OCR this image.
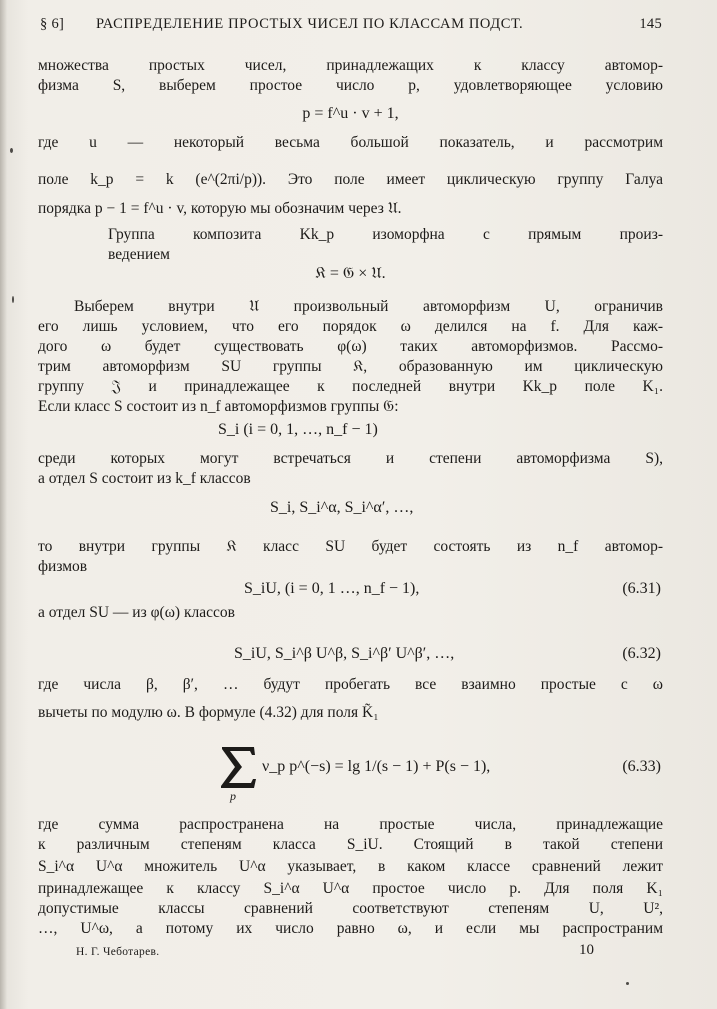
§ 6] РАСПРЕДЕЛЕНИЕ ПРОСТЫХ ЧИСЕЛ ПО КЛАССАМ ПОДСТ.	145
множества простых чисел, принадлежащих к классу автомор-
физма S, выберем простое число p, удовлетворяющее условию
p = f^u · v + 1,
где u — некоторый весьма большой показатель, и рассмотрим
поле k_p = k (e^(2πi/p)). Это поле имеет циклическую группу Галуа
порядка p − 1 = f^u · v, которую мы обозначим через 𝔘.
Группа композита Kk_p изоморфна с прямым произ-
ведением
𝔎 = 𝔊 × 𝔘.
Выберем внутри 𝔘 произвольный автоморфизм U, ограничив
его лишь условием, что его порядок ω делился на f. Для каж-
дого ω будет существовать φ(ω) таких автоморфизмов. Рассмо-
трим автоморфизм SU группы 𝔎, образованную им циклическую
группу 𝔍 и принадлежащее к последней внутри Kk_p поле K₁.
Если класс S состоит из n_f автоморфизмов группы 𝔊:
S_i (i = 0, 1, …, n_f − 1)
среди которых могут встречаться и степени автоморфизма S),
а отдел S состоит из k_f классов
S_i, S_i^α, S_i^α′, …,
то внутри группы 𝔎 класс SU будет состоять из n_f автомор-
физмов
S_iU, (i = 0, 1 …, n_f − 1),	(6.31)
а отдел SU — из φ(ω) классов
S_iU, S_i^β U^β, S_i^β′ U^β′, …,	(6.32)
где числа β, β′, … будут пробегать все взаимно простые с ω
вычеты по модулю ω. В формуле (4.32) для поля K̃₁
p
ν_p p^(−s) = lg 1/(s − 1) + P(s − 1),	(6.33)
где сумма распространена на простые числа, принадлежащие
к различным степеням класса S_iU. Стоящий в такой степени
S_i^α U^α множитель U^α указывает, в каком классе сравнений лежит
принадлежащее к классу S_i^α U^α простое число p. Для поля K₁
допустимые классы сравнений соответствуют степеням U, U²,
…, U^ω, а потому их число равно ω, и если мы распространим
Н. Г. Чеботарев.	10
